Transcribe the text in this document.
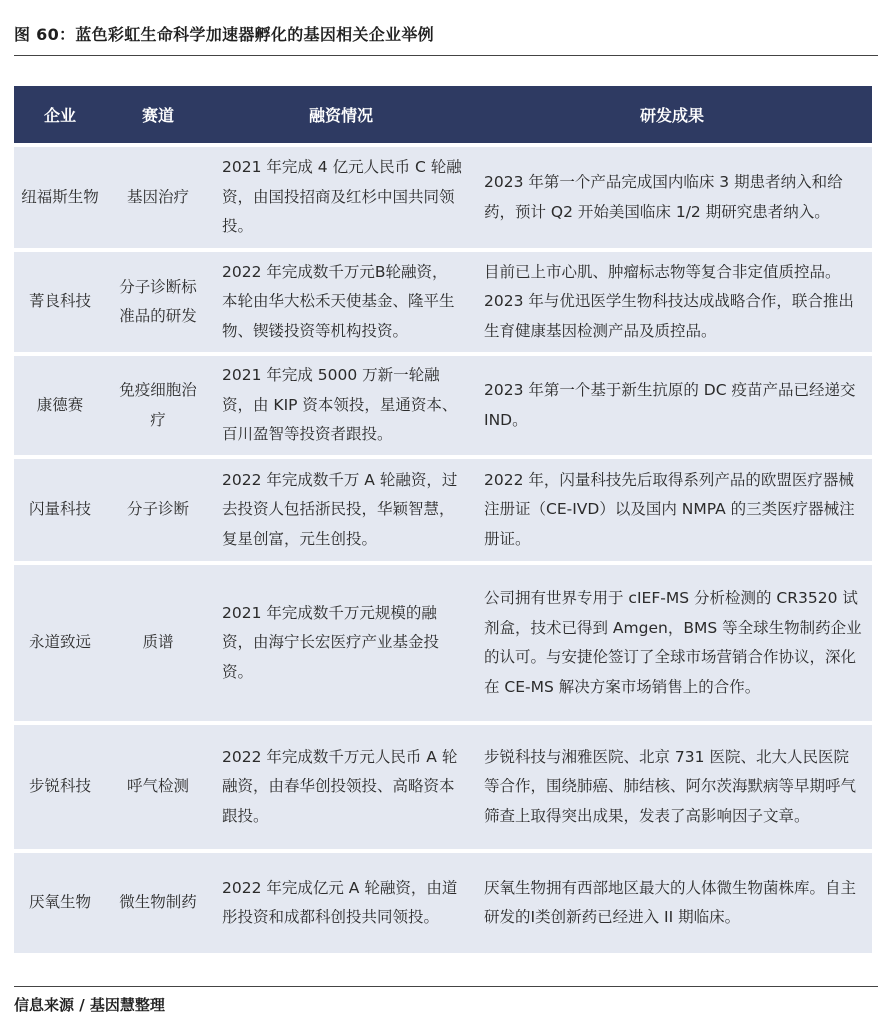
图 60：蓝色彩虹生命科学加速器孵化的基因相关企业举例
企业	赛道	融资情况	研发成果
纽福斯生物	基因治疗	2021 年完成 4 亿元人民币 C 轮融资，由国投招商及红杉中国共同领投。	2023 年第一个产品完成国内临床 3 期患者纳入和给药，预计 Q2 开始美国临床 1/2 期研究患者纳入。
菁良科技	分子诊断标准品的研发	2022 年完成数千万元B轮融资，本轮由华大松禾天使基金、隆平生物、锲镂投资等机构投资。	目前已上市心肌、肿瘤标志物等复合非定值质控品。2023 年与优迅医学生物科技达成战略合作，联合推出生育健康基因检测产品及质控品。
康德赛	免疫细胞治疗	2021 年完成 5000 万新一轮融资，由 KIP 资本领投，星通资本、百川盈智等投资者跟投。	2023 年第一个基于新生抗原的 DC 疫苗产品已经递交 IND。
闪量科技	分子诊断	2022 年完成数千万 A 轮融资，过去投资人包括浙民投，华颖智慧，复星创富，元生创投。	2022 年，闪量科技先后取得系列产品的欧盟医疗器械注册证（CE-IVD）以及国内 NMPA 的三类医疗器械注册证。
永道致远	质谱	2021 年完成数千万元规模的融资，由海宁长宏医疗产业基金投资。	公司拥有世界专用于 cIEF-MS 分析检测的 CR3520 试剂盒，技术已得到 Amgen，BMS 等全球生物制药企业的认可。与安捷伦签订了全球市场营销合作协议，深化在 CE-MS 解决方案市场销售上的合作。
步锐科技	呼气检测	2022 年完成数千万元人民币 A 轮融资，由春华创投领投、高略资本跟投。	步锐科技与湘雅医院、北京 731 医院、北大人民医院等合作，围绕肺癌、肺结核、阿尔茨海默病等早期呼气筛查上取得突出成果，发表了高影响因子文章。
厌氧生物	微生物制药	2022 年完成亿元 A 轮融资，由道彤投资和成都科创投共同领投。	厌氧生物拥有西部地区最大的人体微生物菌株库。自主研发的Ⅰ类创新药已经进入 II 期临床。
信息来源 / 基因慧整理
